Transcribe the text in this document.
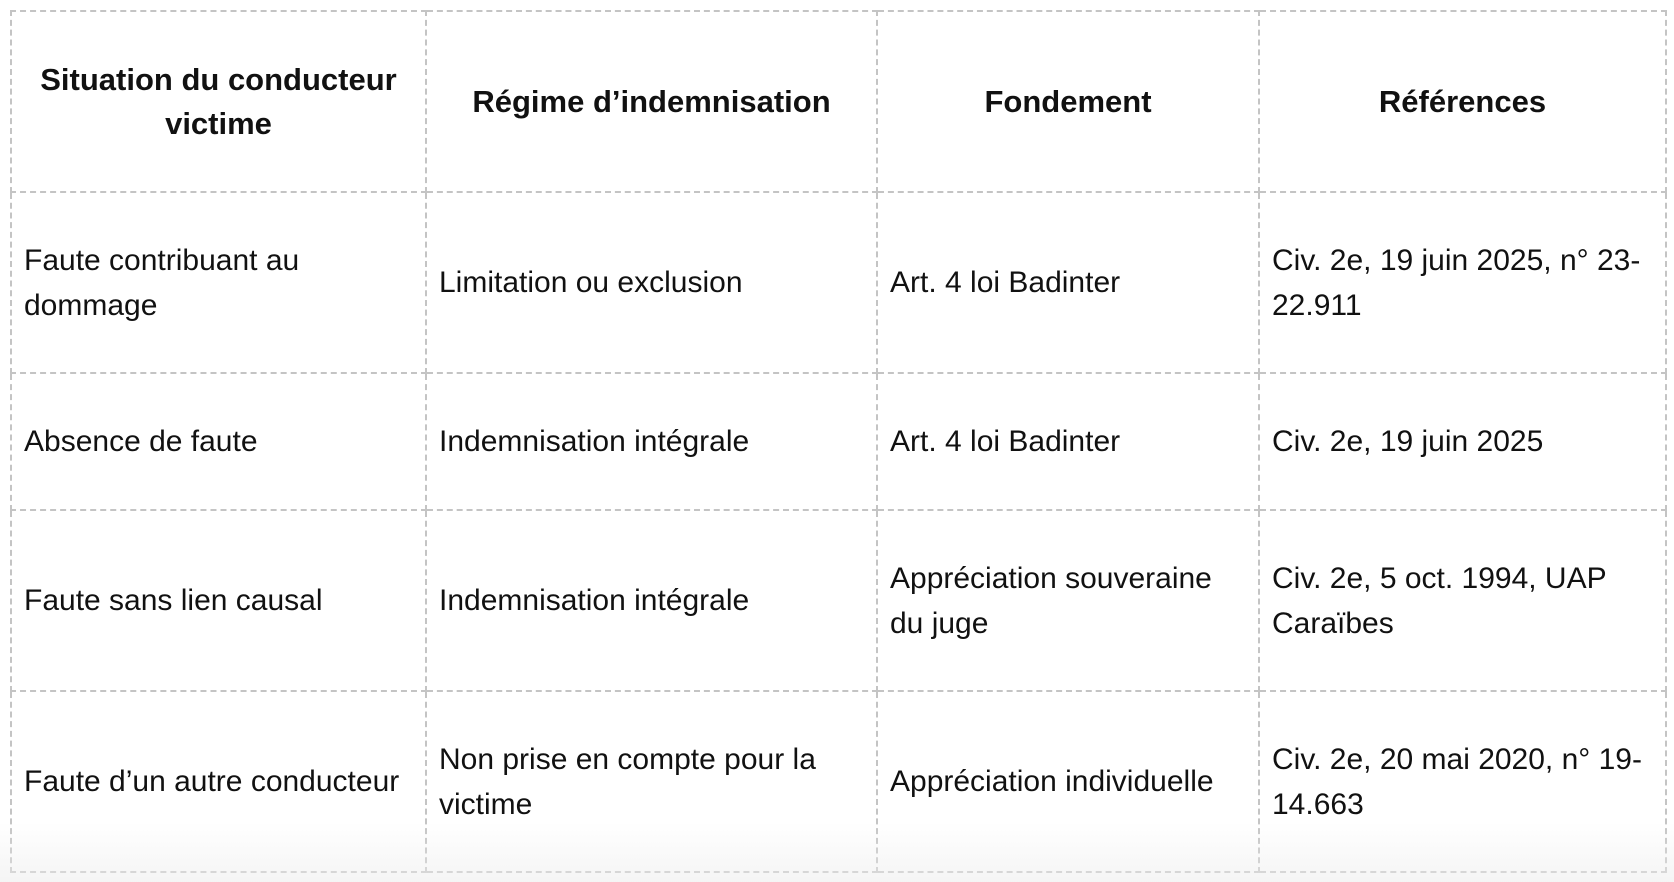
Situation du conducteur victime	Régime d’indemnisation	Fondement	Références
Faute contribuant au dommage	Limitation ou exclusion	Art. 4 loi Badinter	Civ. 2e, 19 juin 2025, n° 23-22.911
Absence de faute	Indemnisation intégrale	Art. 4 loi Badinter	Civ. 2e, 19 juin 2025
Faute sans lien causal	Indemnisation intégrale	Appréciation souveraine du juge	Civ. 2e, 5 oct. 1994, UAP Caraïbes
Faute d’un autre conducteur	Non prise en compte pour la victime	Appréciation individuelle	Civ. 2e, 20 mai 2020, n° 19-14.663
